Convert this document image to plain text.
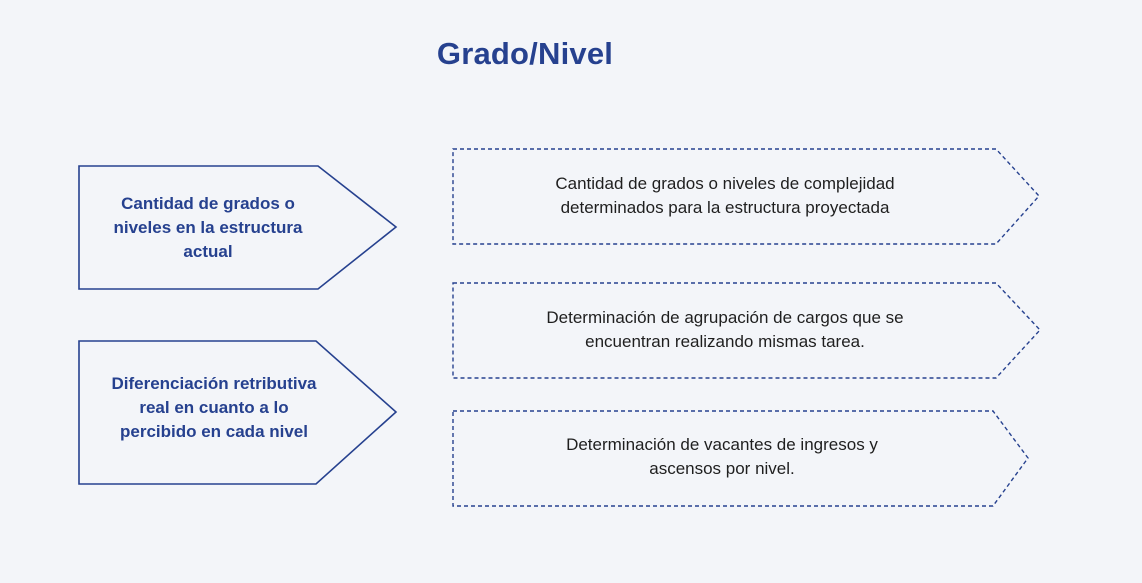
Grado/Nivel
Cantidad de grados o
niveles en la estructura
actual
Diferenciación retributiva
real en cuanto a lo
percibido en cada nivel
Cantidad de grados o niveles de complejidad
determinados para la estructura proyectada
Determinación de agrupación de cargos que se
encuentran realizando mismas tarea.
Determinación de vacantes de ingresos y
ascensos por nivel.
